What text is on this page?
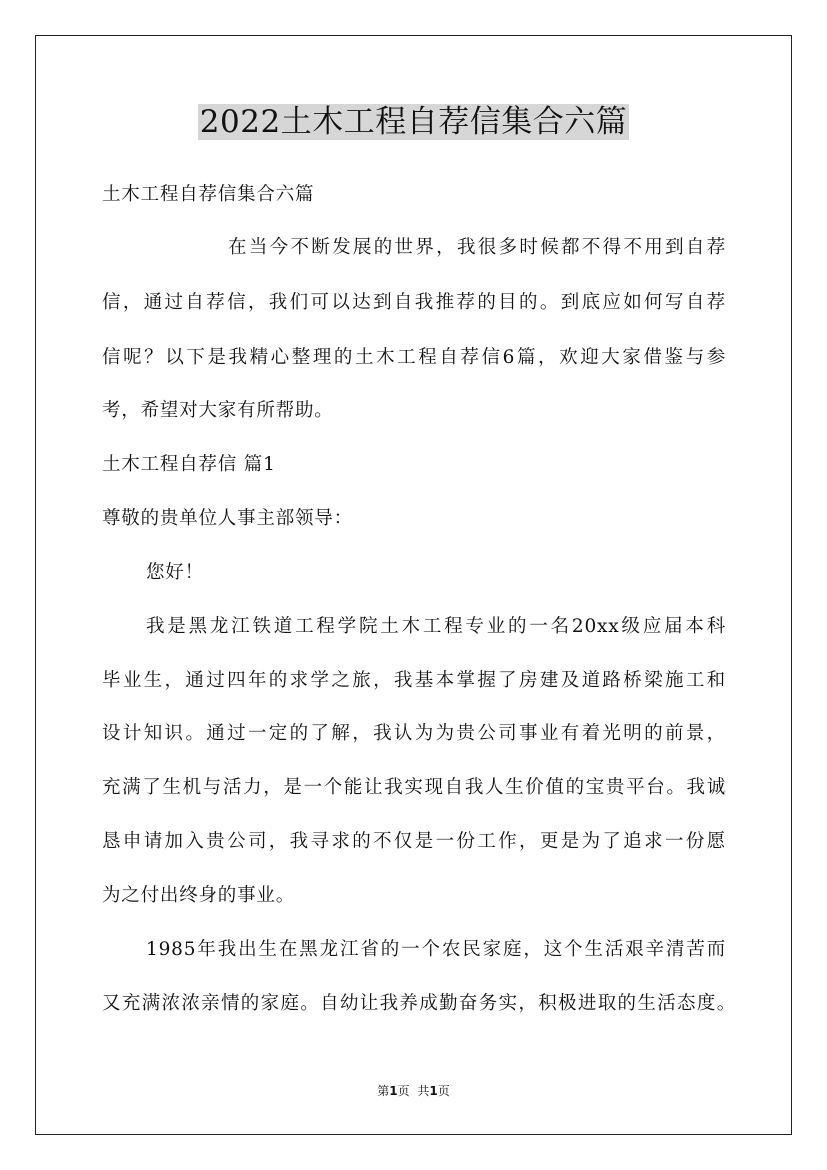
2022土木工程自荐信集合六篇
土木工程自荐信集合六篇
在当今不断发展的世界，我很多时候都不得不用到自荐
信，通过自荐信，我们可以达到自我推荐的目的。到底应如何写自荐
信呢？以下是我精心整理的土木工程自荐信6篇，欢迎大家借鉴与参
考，希望对大家有所帮助。
土木工程自荐信 篇1
尊敬的贵单位人事主部领导：
您好！
我是黑龙江铁道工程学院土木工程专业的一名20xx级应届本科
毕业生，通过四年的求学之旅，我基本掌握了房建及道路桥梁施工和
设计知识。通过一定的了解，我认为为贵公司事业有着光明的前景，
充满了生机与活力，是一个能让我实现自我人生价值的宝贵平台。我诚
恳申请加入贵公司，我寻求的不仅是一份工作，更是为了追求一份愿
为之付出终身的事业。
1985年我出生在黑龙江省的一个农民家庭，这个生活艰辛清苦而
又充满浓浓亲情的家庭。自幼让我养成勤奋务实，积极进取的生活态度。
第1页 共1页
